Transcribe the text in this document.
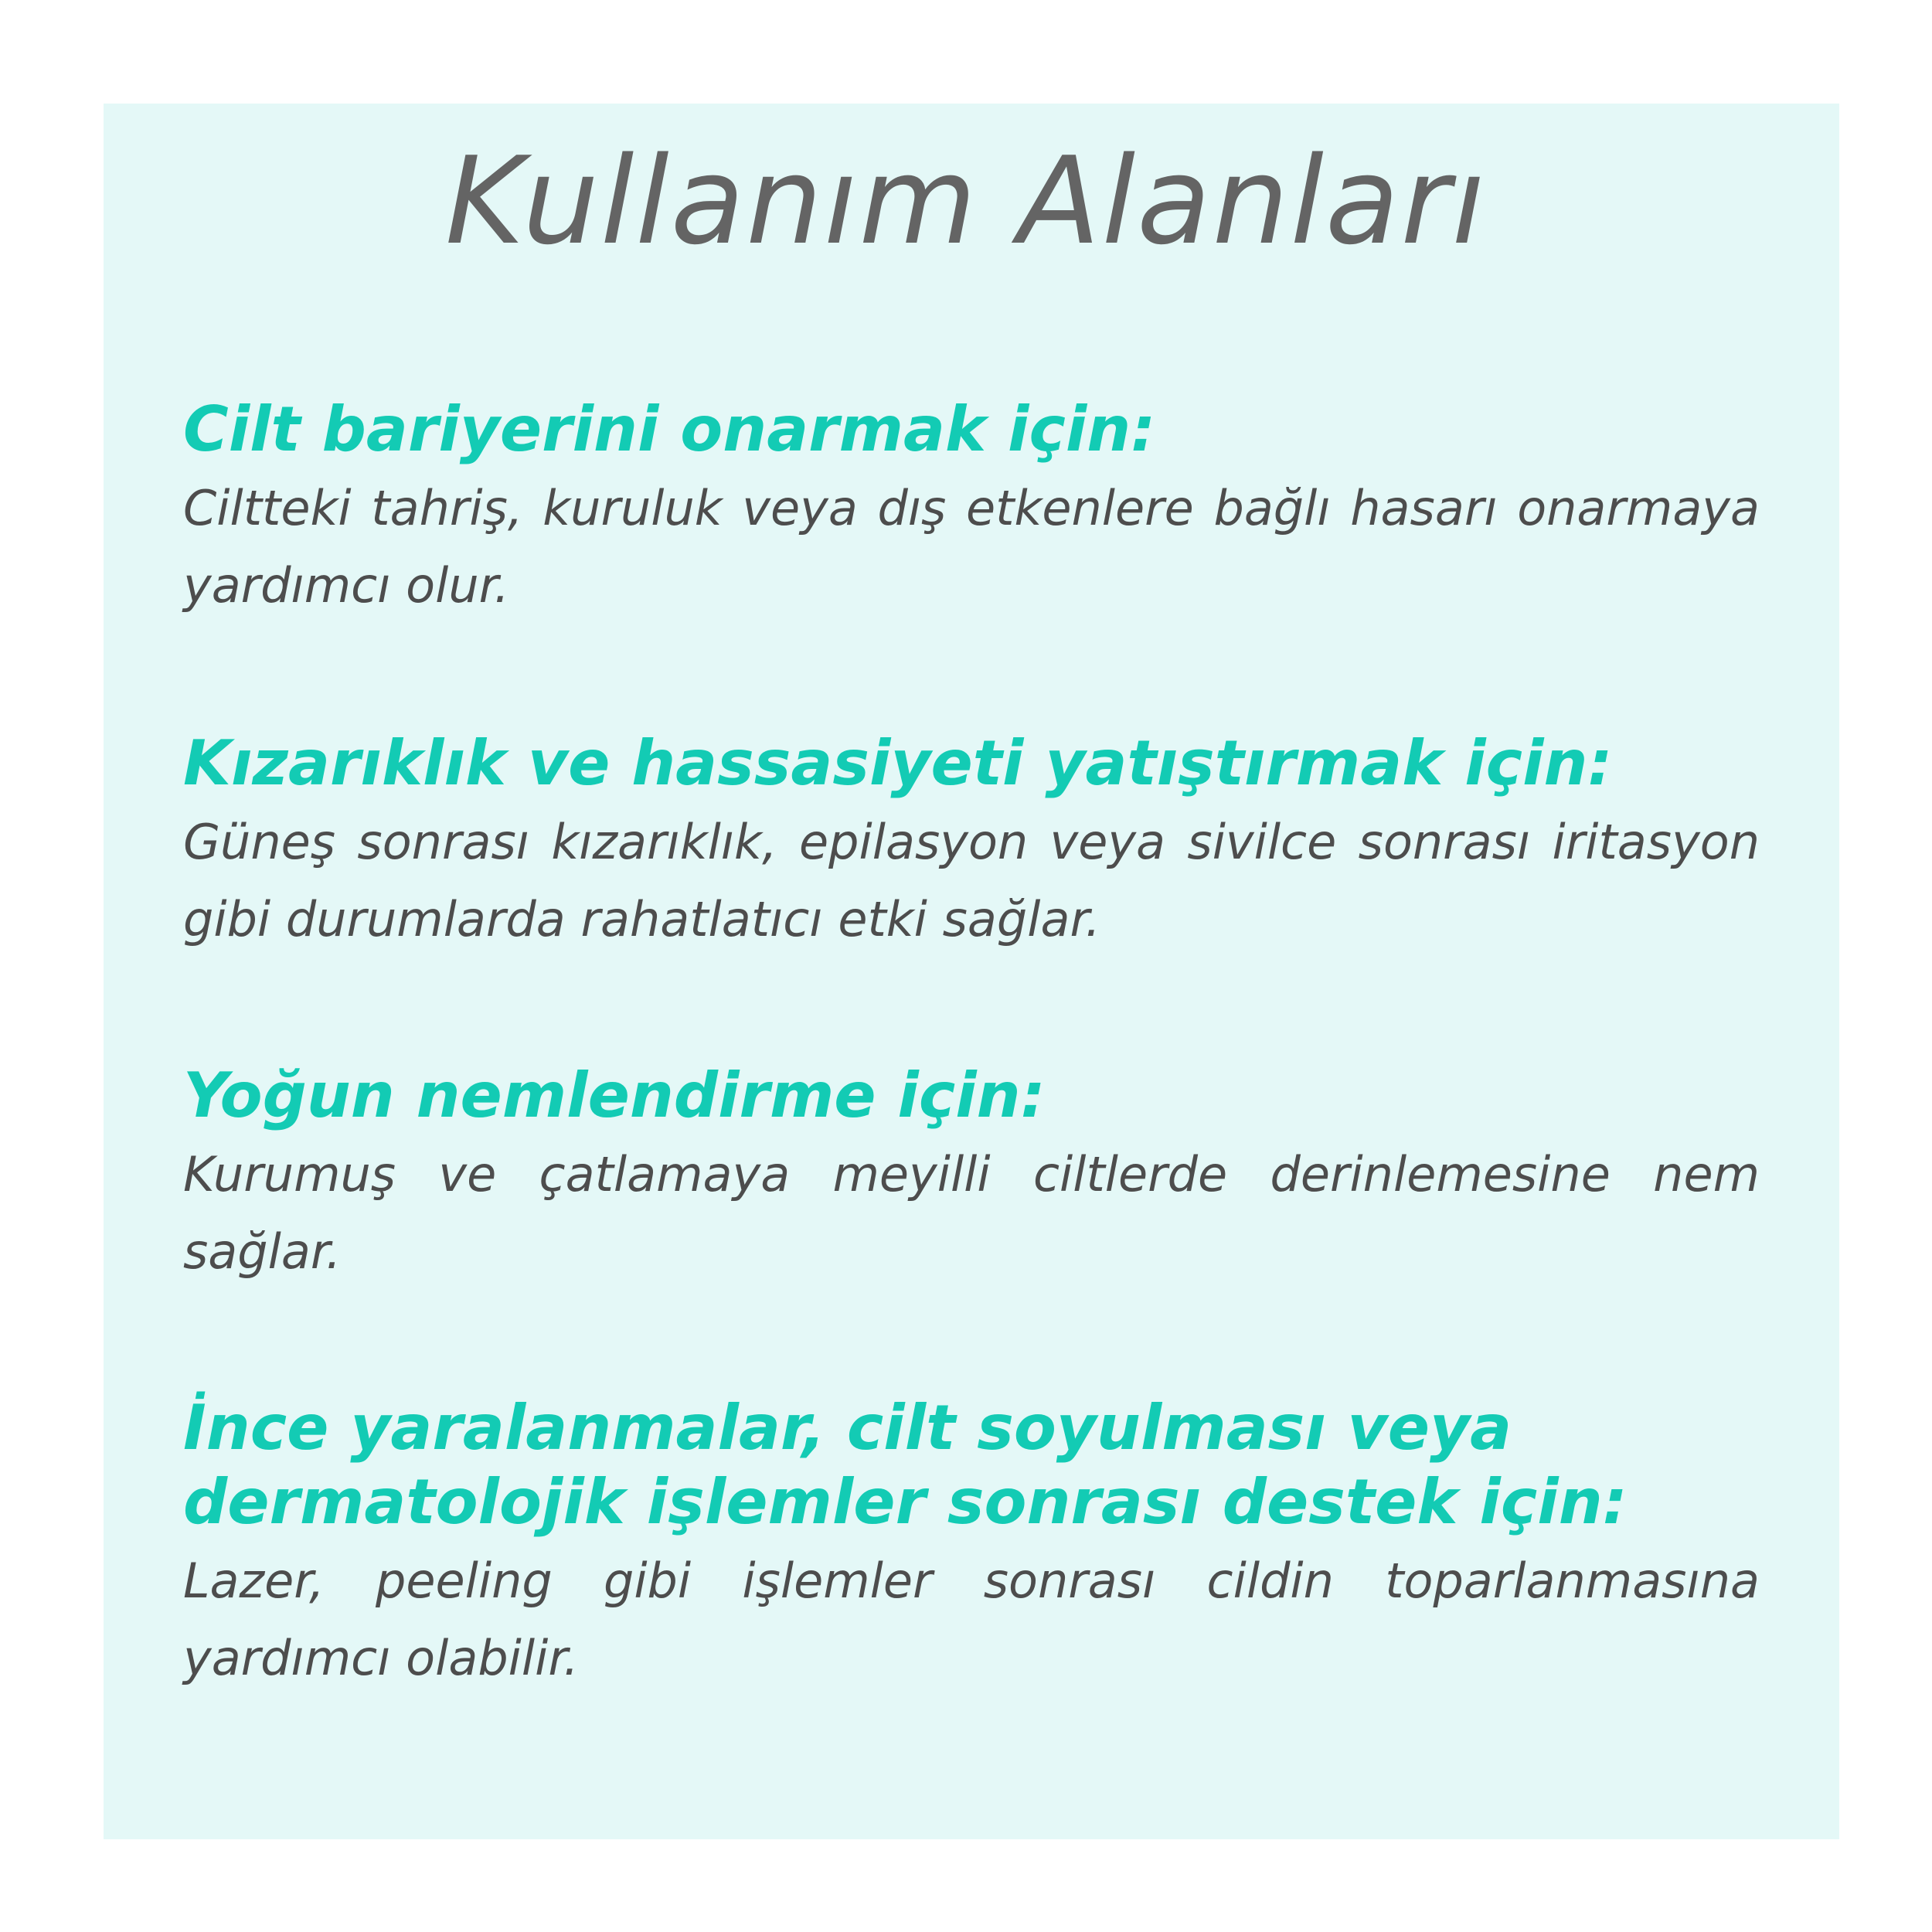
Kullanım Alanları

Cilt bariyerini onarmak için:

Ciltteki tahriş, kuruluk veya dış etkenlere bağlı hasarı onarmaya yardımcı olur.

Kızarıklık ve hassasiyeti yatıştırmak için:

Güneş sonrası kızarıklık, epilasyon veya sivilce sonrası iritasyon gibi durumlarda rahatlatıcı etki sağlar.

Yoğun nemlendirme için:

Kurumuş ve çatlamaya meyilli ciltlerde derinlemesine nem sağlar.

İnce yaralanmalar, cilt soyulması veya

dermatolojik işlemler sonrası destek için:

Lazer, peeling gibi işlemler sonrası cildin toparlanmasına yardımcı olabilir.
